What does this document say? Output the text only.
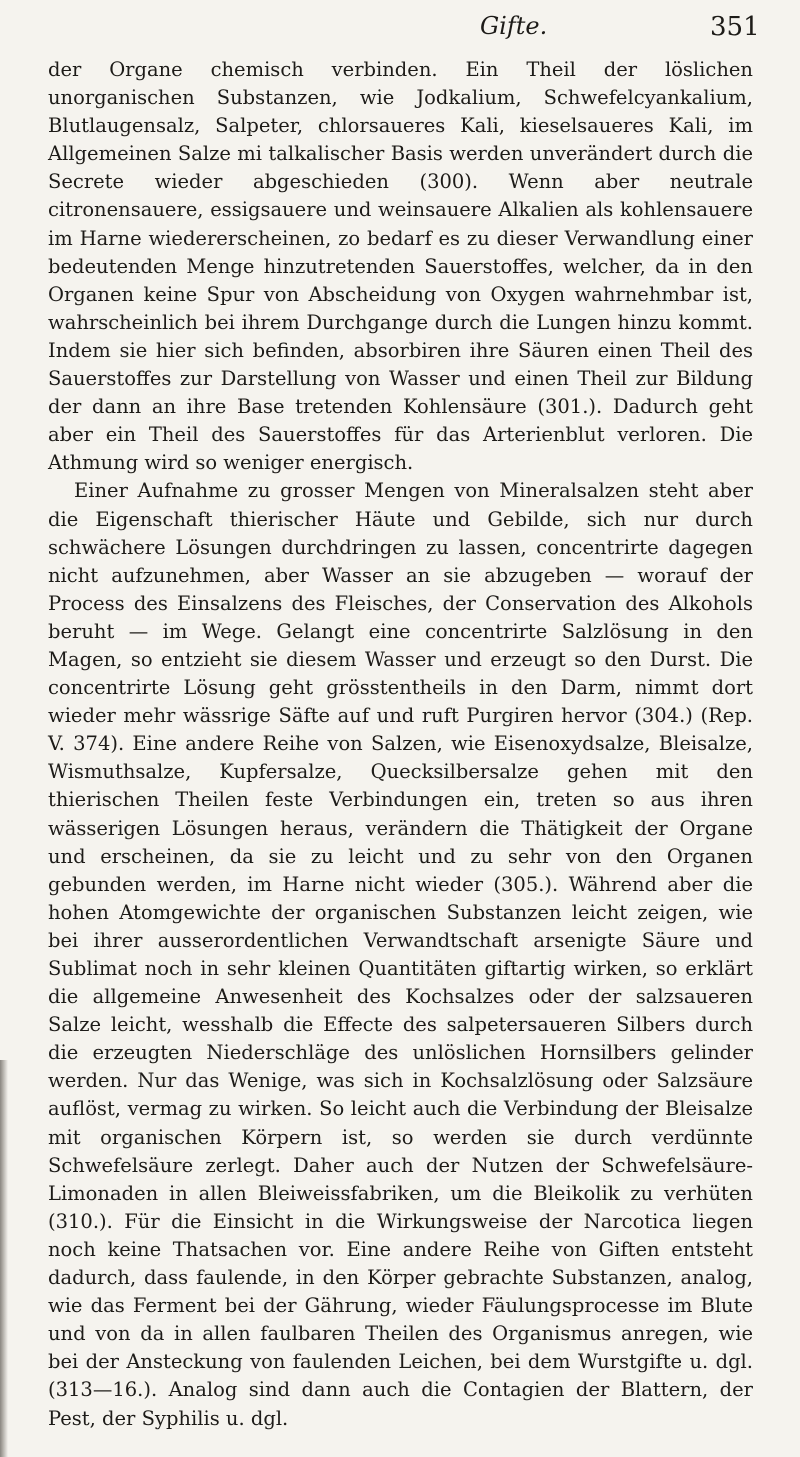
Gifte.	351

der Organe chemisch verbinden. Ein Theil der löslichen unorganischen Substanzen, wie Jodkalium, Schwefelcyankalium, Blutlaugensalz, Salpeter, chlorsaueres Kali, kieselsaueres Kali, im Allgemeinen Salze mi talkalischer Basis werden unverändert durch die Secrete wieder abgeschieden (300). Wenn aber neutrale citronensauere, essigsauere und weinsauere Alkalien als kohlensauere im Harne wiedererscheinen, zo bedarf es zu dieser Verwandlung einer bedeutenden Menge hinzutretenden Sauerstoffes, welcher, da in den Organen keine Spur von Abscheidung von Oxygen wahrnehmbar ist, wahrscheinlich bei ihrem Durchgange durch die Lungen hinzu kommt. Indem sie hier sich befinden, absorbiren ihre Säuren einen Theil des Sauerstoffes zur Darstellung von Wasser und einen Theil zur Bildung der dann an ihre Base tretenden Kohlensäure (301.). Dadurch geht aber ein Theil des Sauerstoffes für das Arterienblut verloren. Die Athmung wird so weniger energisch.

Einer Aufnahme zu grosser Mengen von Mineralsalzen steht aber die Eigenschaft thierischer Häute und Gebilde, sich nur durch schwächere Lösungen durchdringen zu lassen, concentrirte dagegen nicht aufzunehmen, aber Wasser an sie abzugeben — worauf der Process des Einsalzens des Fleisches, der Conservation des Alkohols beruht — im Wege. Gelangt eine concentrirte Salzlösung in den Magen, so entzieht sie diesem Wasser und erzeugt so den Durst. Die concentrirte Lösung geht grösstentheils in den Darm, nimmt dort wieder mehr wässrige Säfte auf und ruft Purgiren hervor (304.) (Rep. V. 374). Eine andere Reihe von Salzen, wie Eisenoxydsalze, Bleisalze, Wismuthsalze, Kupfersalze, Quecksilbersalze gehen mit den thierischen Theilen feste Verbindungen ein, treten so aus ihren wässerigen Lösungen heraus, verändern die Thätigkeit der Organe und erscheinen, da sie zu leicht und zu sehr von den Organen gebunden werden, im Harne nicht wieder (305.). Während aber die hohen Atomgewichte der organischen Substanzen leicht zeigen, wie bei ihrer ausserordentlichen Verwandtschaft arsenigte Säure und Sublimat noch in sehr kleinen Quantitäten giftartig wirken, so erklärt die allgemeine Anwesenheit des Kochsalzes oder der salzsaueren Salze leicht, wesshalb die Effecte des salpetersaueren Silbers durch die erzeugten Niederschläge des unlöslichen Hornsilbers gelinder werden. Nur das Wenige, was sich in Kochsalzlösung oder Salzsäure auflöst, vermag zu wirken. So leicht auch die Verbindung der Bleisalze mit organischen Körpern ist, so werden sie durch verdünnte Schwefelsäure zerlegt. Daher auch der Nutzen der Schwefelsäure-Limonaden in allen Bleiweissfabriken, um die Bleikolik zu verhüten (310.). Für die Einsicht in die Wirkungsweise der Narcotica liegen noch keine Thatsachen vor. Eine andere Reihe von Giften entsteht dadurch, dass faulende, in den Körper gebrachte Substanzen, analog, wie das Ferment bei der Gährung, wieder Fäulungsprocesse im Blute und von da in allen faulbaren Theilen des Organismus anregen, wie bei der Ansteckung von faulenden Leichen, bei dem Wurstgifte u. dgl. (313—16.). Analog sind dann auch die Contagien der Blattern, der Pest, der Syphilis u. dgl.
